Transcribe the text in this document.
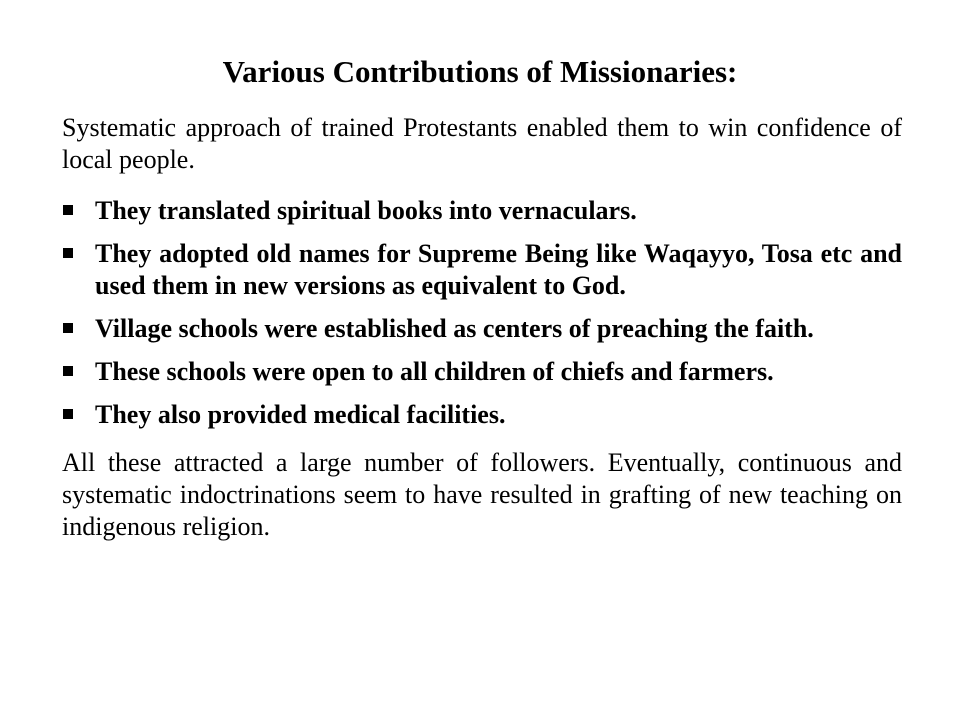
Various Contributions of Missionaries:

Systematic approach of trained Protestants enabled them to win confidence of local people.

They translated spiritual books into vernaculars.
They adopted old names for Supreme Being like Waqayyo, Tosa etc and used them in new versions as equivalent to God.
Village schools were established as centers of preaching the faith.
These schools were open to all children of chiefs and farmers.
They also provided medical facilities.

All these attracted a large number of followers. Eventually, continuous and systematic indoctrinations seem to have resulted in grafting of new teaching on indigenous religion.
